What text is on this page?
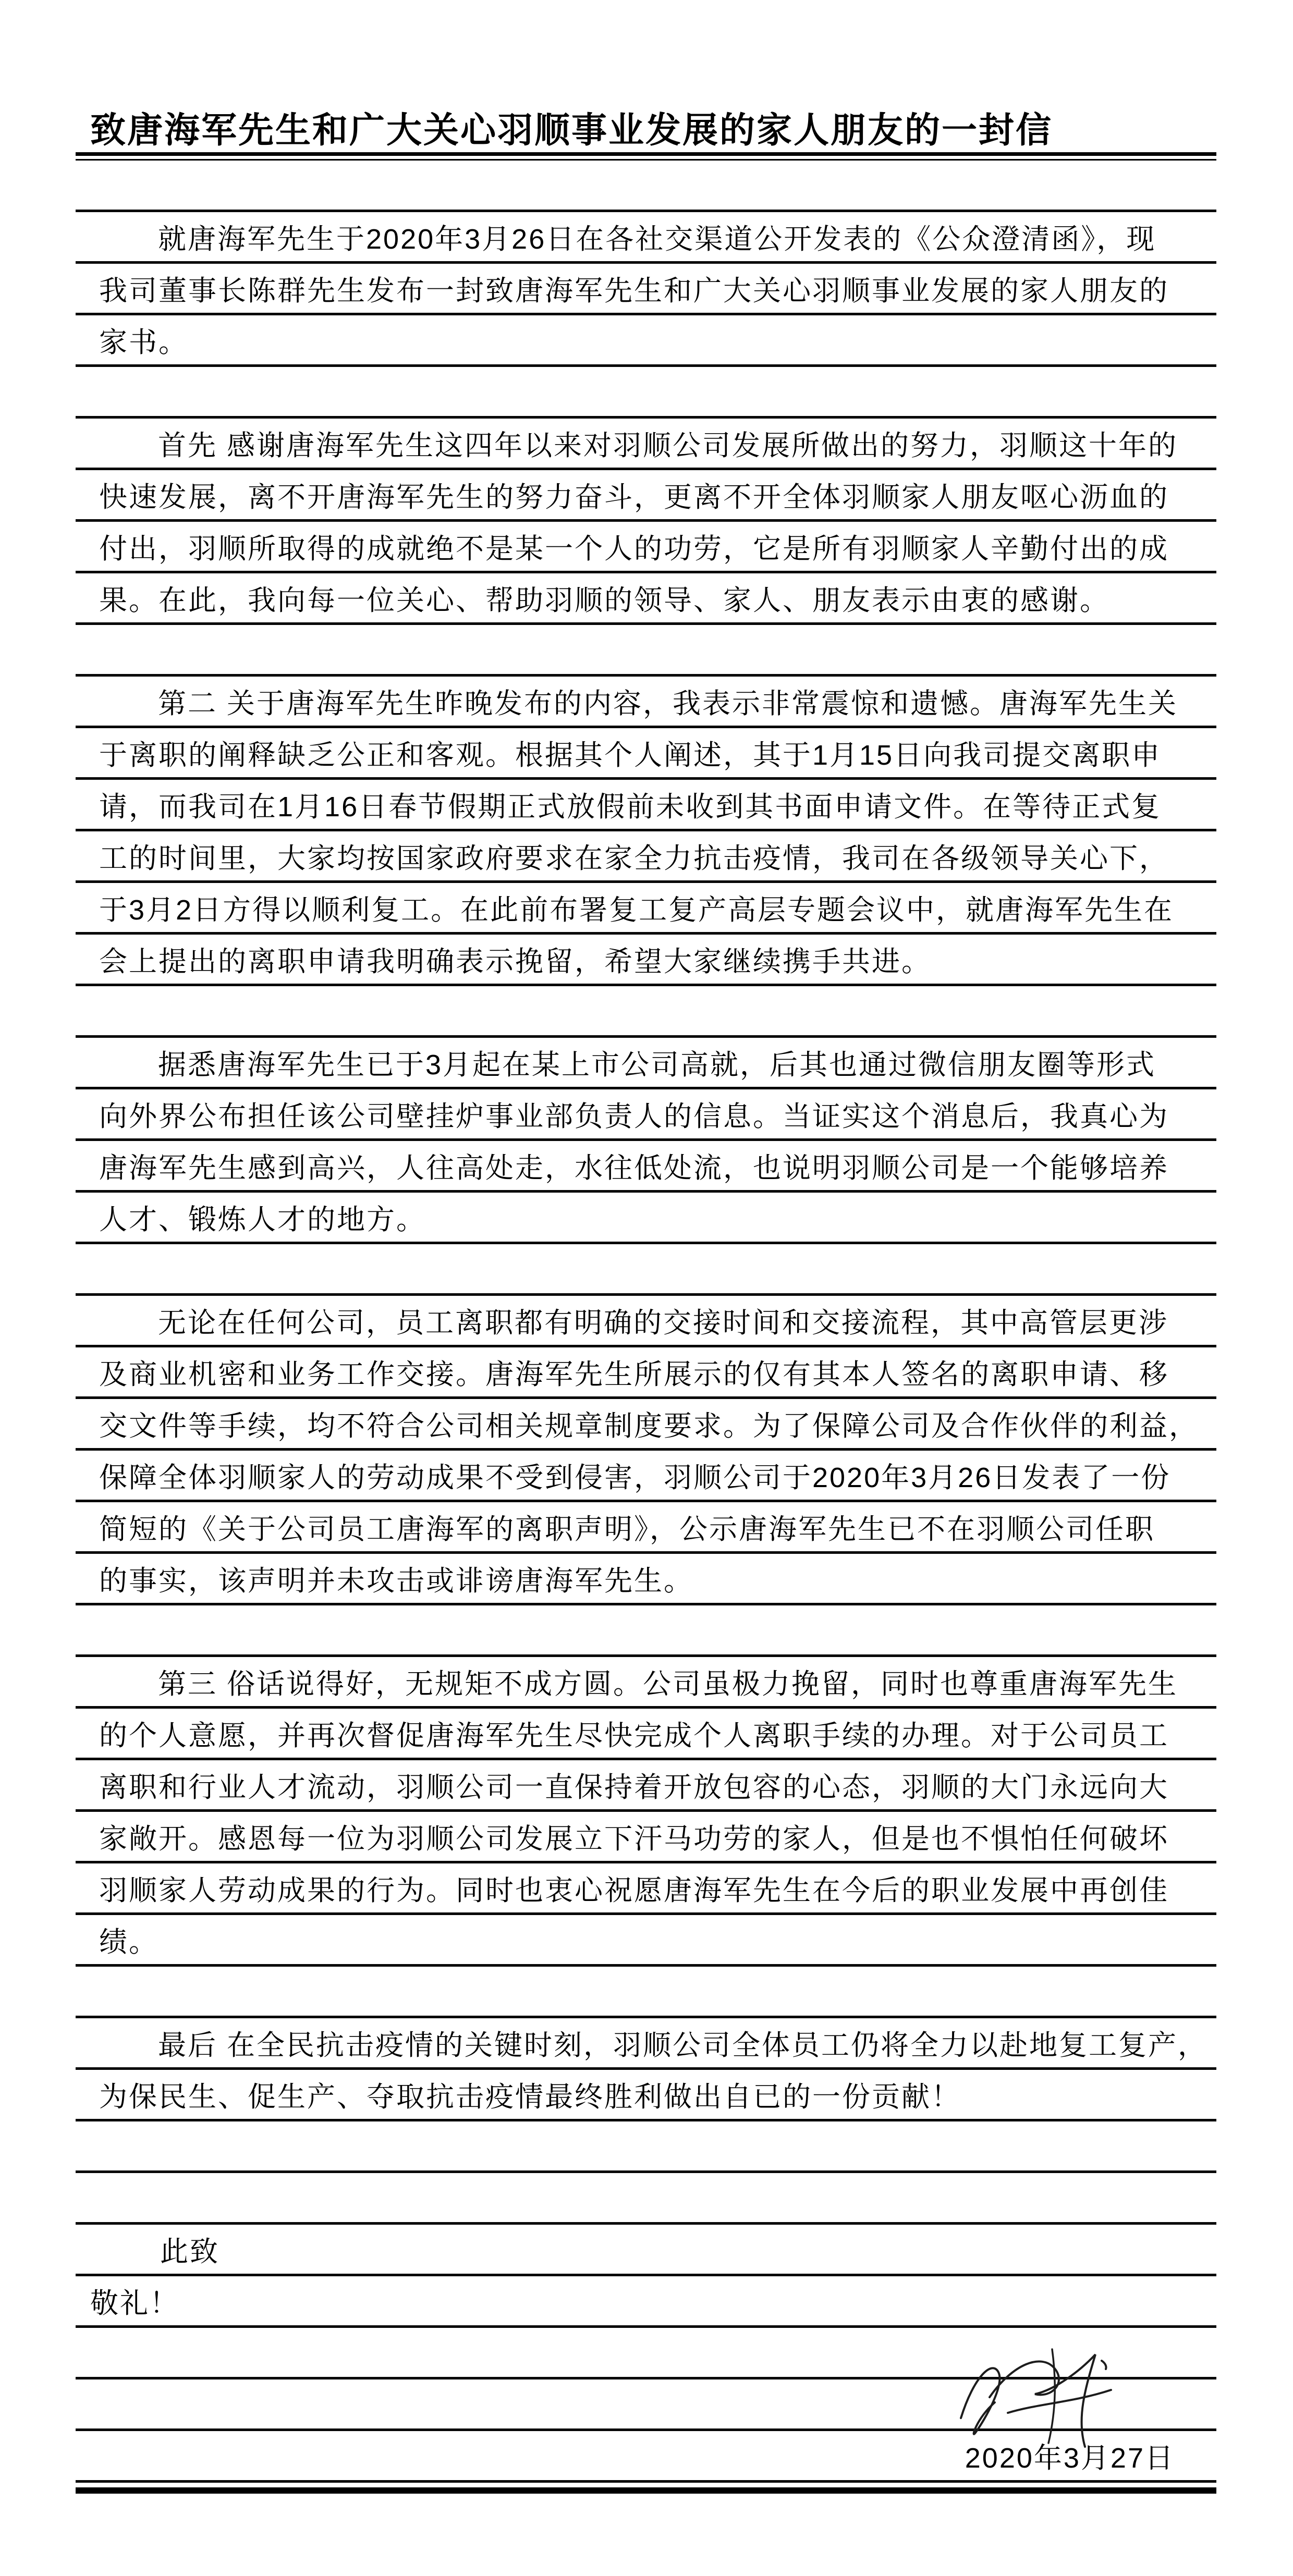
致唐海军先生和广大关心羽顺事业发展的家人朋友的一封信
就唐海军先生于2020年3月26日在各社交渠道公开发表的《公众澄清函》，现
我司董事长陈群先生发布一封致唐海军先生和广大关心羽顺事业发展的家人朋友的
家书。
首先 感谢唐海军先生这四年以来对羽顺公司发展所做出的努力，羽顺这十年的
快速发展，离不开唐海军先生的努力奋斗，更离不开全体羽顺家人朋友呕心沥血的
付出，羽顺所取得的成就绝不是某一个人的功劳，它是所有羽顺家人辛勤付出的成
果。在此，我向每一位关心、帮助羽顺的领导、家人、朋友表示由衷的感谢。
第二 关于唐海军先生昨晚发布的内容，我表示非常震惊和遗憾。唐海军先生关
于离职的阐释缺乏公正和客观。根据其个人阐述，其于1月15日向我司提交离职申
请，而我司在1月16日春节假期正式放假前未收到其书面申请文件。在等待正式复
工的时间里，大家均按国家政府要求在家全力抗击疫情，我司在各级领导关心下，
于3月2日方得以顺利复工。在此前布署复工复产高层专题会议中，就唐海军先生在
会上提出的离职申请我明确表示挽留，希望大家继续携手共进。
据悉唐海军先生已于3月起在某上市公司高就，后其也通过微信朋友圈等形式
向外界公布担任该公司壁挂炉事业部负责人的信息。当证实这个消息后，我真心为
唐海军先生感到高兴，人往高处走，水往低处流，也说明羽顺公司是一个能够培养
人才、锻炼人才的地方。
无论在任何公司，员工离职都有明确的交接时间和交接流程，其中高管层更涉
及商业机密和业务工作交接。唐海军先生所展示的仅有其本人签名的离职申请、移
交文件等手续，均不符合公司相关规章制度要求。为了保障公司及合作伙伴的利益，
保障全体羽顺家人的劳动成果不受到侵害，羽顺公司于2020年3月26日发表了一份
简短的《关于公司员工唐海军的离职声明》，公示唐海军先生已不在羽顺公司任职
的事实，该声明并未攻击或诽谤唐海军先生。
第三 俗话说得好，无规矩不成方圆。公司虽极力挽留，同时也尊重唐海军先生
的个人意愿，并再次督促唐海军先生尽快完成个人离职手续的办理。对于公司员工
离职和行业人才流动，羽顺公司一直保持着开放包容的心态，羽顺的大门永远向大
家敞开。感恩每一位为羽顺公司发展立下汗马功劳的家人，但是也不惧怕任何破坏
羽顺家人劳动成果的行为。同时也衷心祝愿唐海军先生在今后的职业发展中再创佳
绩。
最后 在全民抗击疫情的关键时刻，羽顺公司全体员工仍将全力以赴地复工复产，
为保民生、促生产、夺取抗击疫情最终胜利做出自已的一份贡献！
此致
敬礼！
2020年3月27日
